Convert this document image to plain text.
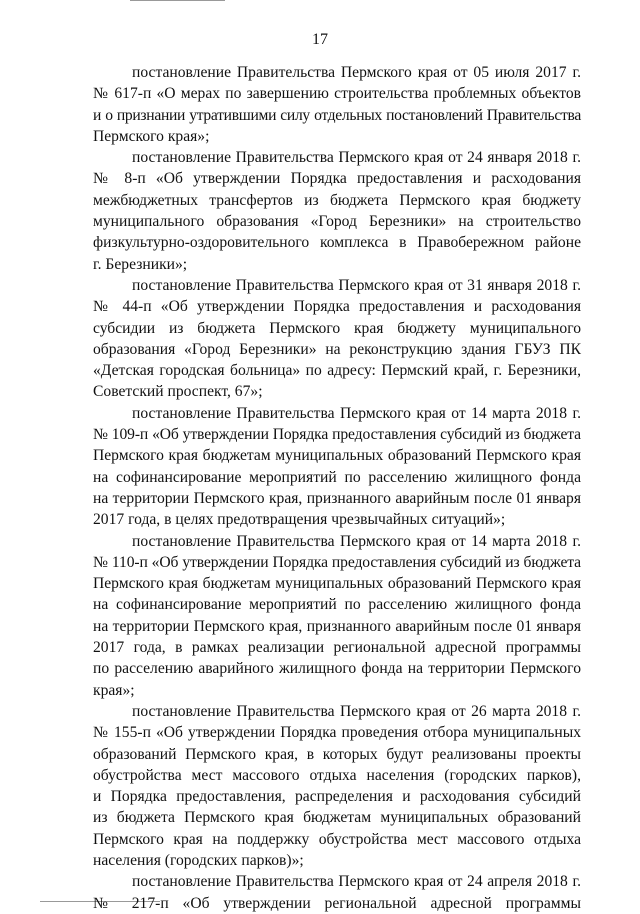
17
постановление Правительства Пермского края от 05 июля 2017 г.
№ 617-п «О мерах по завершению строительства проблемных объектов
и о признании утратившими силу отдельных постановлений Правительства
Пермского края»;
постановление Правительства Пермского края от 24 января 2018 г.
№ 8-п «Об утверждении Порядка предоставления и расходования
межбюджетных трансфертов из бюджета Пермского края бюджету
муниципального образования «Город Березники» на строительство
физкультурно-оздоровительного комплекса в Правобережном районе
г. Березники»;
постановление Правительства Пермского края от 31 января 2018 г.
№ 44-п «Об утверждении Порядка предоставления и расходования
субсидии из бюджета Пермского края бюджету муниципального
образования «Город Березники» на реконструкцию здания ГБУЗ ПК
«Детская городская больница» по адресу: Пермский край, г. Березники,
Советский проспект, 67»;
постановление Правительства Пермского края от 14 марта 2018 г.
№ 109-п «Об утверждении Порядка предоставления субсидий из бюджета
Пермского края бюджетам муниципальных образований Пермского края
на софинансирование мероприятий по расселению жилищного фонда
на территории Пермского края, признанного аварийным после 01 января
2017 года, в целях предотвращения чрезвычайных ситуаций»;
постановление Правительства Пермского края от 14 марта 2018 г.
№ 110-п «Об утверждении Порядка предоставления субсидий из бюджета
Пермского края бюджетам муниципальных образований Пермского края
на софинансирование мероприятий по расселению жилищного фонда
на территории Пермского края, признанного аварийным после 01 января
2017 года, в рамках реализации региональной адресной программы
по расселению аварийного жилищного фонда на территории Пермского
края»;
постановление Правительства Пермского края от 26 марта 2018 г.
№ 155-п «Об утверждении Порядка проведения отбора муниципальных
образований Пермского края, в которых будут реализованы проекты
обустройства мест массового отдыха населения (городских парков),
и Порядка предоставления, распределения и расходования субсидий
из бюджета Пермского края бюджетам муниципальных образований
Пермского края на поддержку обустройства мест массового отдыха
населения (городских парков)»;
постановление Правительства Пермского края от 24 апреля 2018 г.
№ 217-п «Об утверждении региональной адресной программы
